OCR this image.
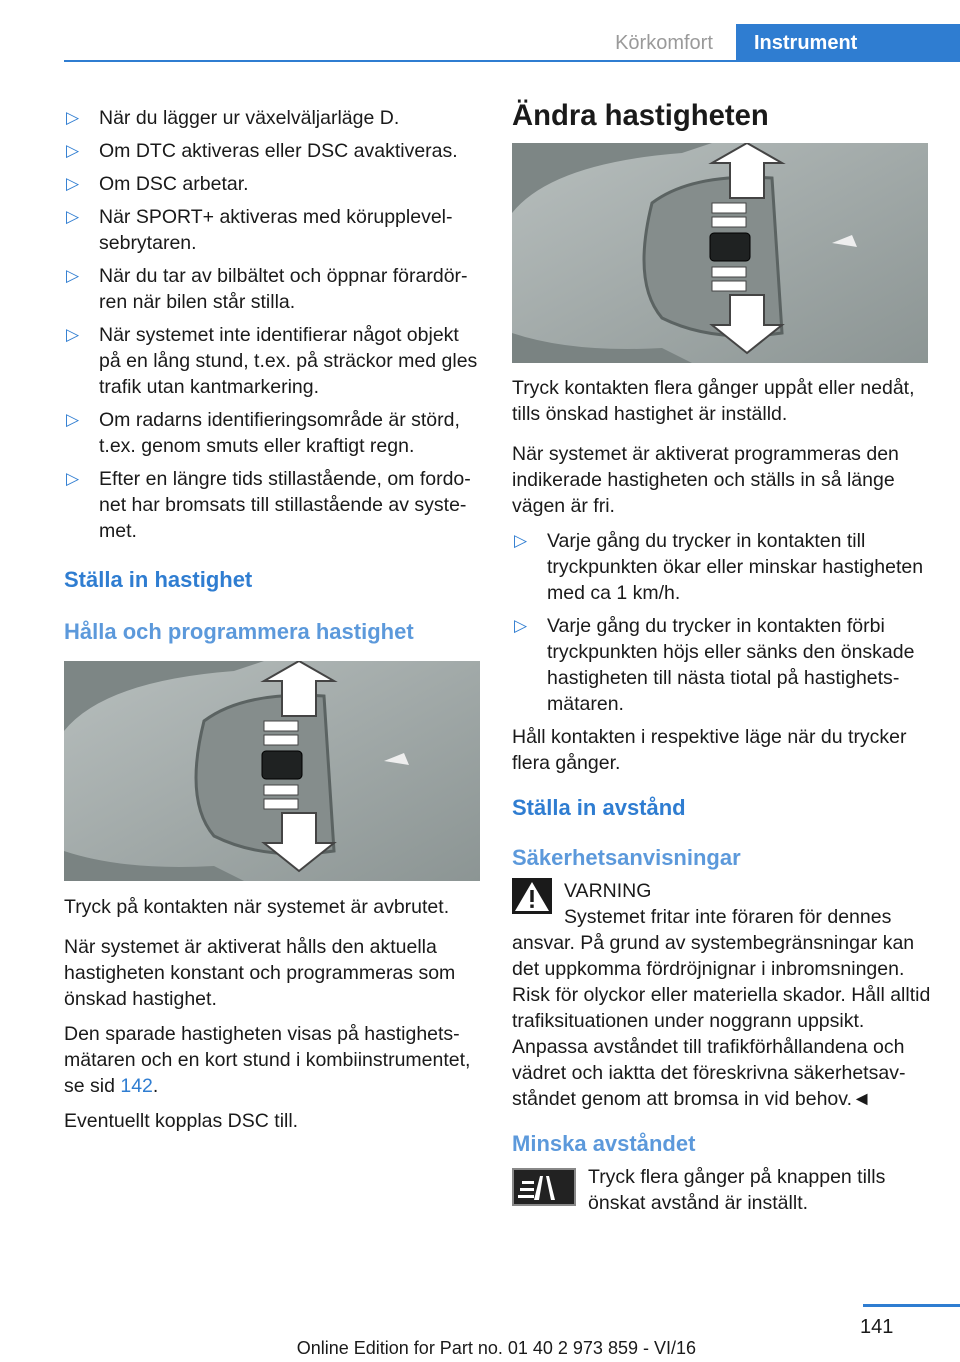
Körkomfort	Instrument
▷ När du lägger ur växelväljarläge D.
▷ Om DTC aktiveras eller DSC avaktiveras.
▷ Om DSC arbetar.
▷ När SPORT+ aktiveras med körupplevelsebrytaren.
▷ När du tar av bilbältet och öppnar förardörren när bilen står stilla.
▷ När systemet inte identifierar något objekt på en lång stund, t.ex. på sträckor med gles trafik utan kantmarkering.
▷ Om radarns identifieringsområde är störd, t.ex. genom smuts eller kraftigt regn.
▷ Efter en längre tids stillastående, om fordonet har bromsats till stillastående av systemet.
Ställa in hastighet
Hålla och programmera hastighet

Tryck på kontakten när systemet är avbrutet.

När systemet är aktiverat hålls den aktuella hastigheten konstant och programmeras som önskad hastighet.

Den sparade hastigheten visas på hastighetsmätaren och en kort stund i kombiinstrumentet, se sid 142.

Eventuellt kopplas DSC till.

Ändra hastigheten

Tryck kontakten flera gånger uppåt eller nedåt, tills önskad hastighet är inställd.

När systemet är aktiverat programmeras den indikerade hastigheten och ställs in så länge vägen är fri.

▷ Varje gång du trycker in kontakten till tryckpunkten ökar eller minskar hastigheten med ca 1 km/h.
▷ Varje gång du trycker in kontakten förbi tryckpunkten höjs eller sänks den önskade hastigheten till nästa tiotal på hastighetsmätaren.

Håll kontakten i respektive läge när du trycker flera gånger.

Ställa in avstånd
Säkerhetsanvisningar
VARNING
Systemet fritar inte föraren för dennes

ansvar. På grund av systembegränsningar kan det uppkomma fördröjnignar i inbromsningen. Risk för olyckor eller materiella skador. Håll alltid trafiksituationen under noggrann uppsikt. Anpassa avståndet till trafikförhållandena och vädret och iaktta det föreskrivna säkerhetsavståndet genom att bromsa in vid behov.◄

Minska avståndet

Tryck flera gånger på knappen tills önskat avstånd är inställt.

141
Online Edition for Part no. 01 40 2 973 859 - VI/16
